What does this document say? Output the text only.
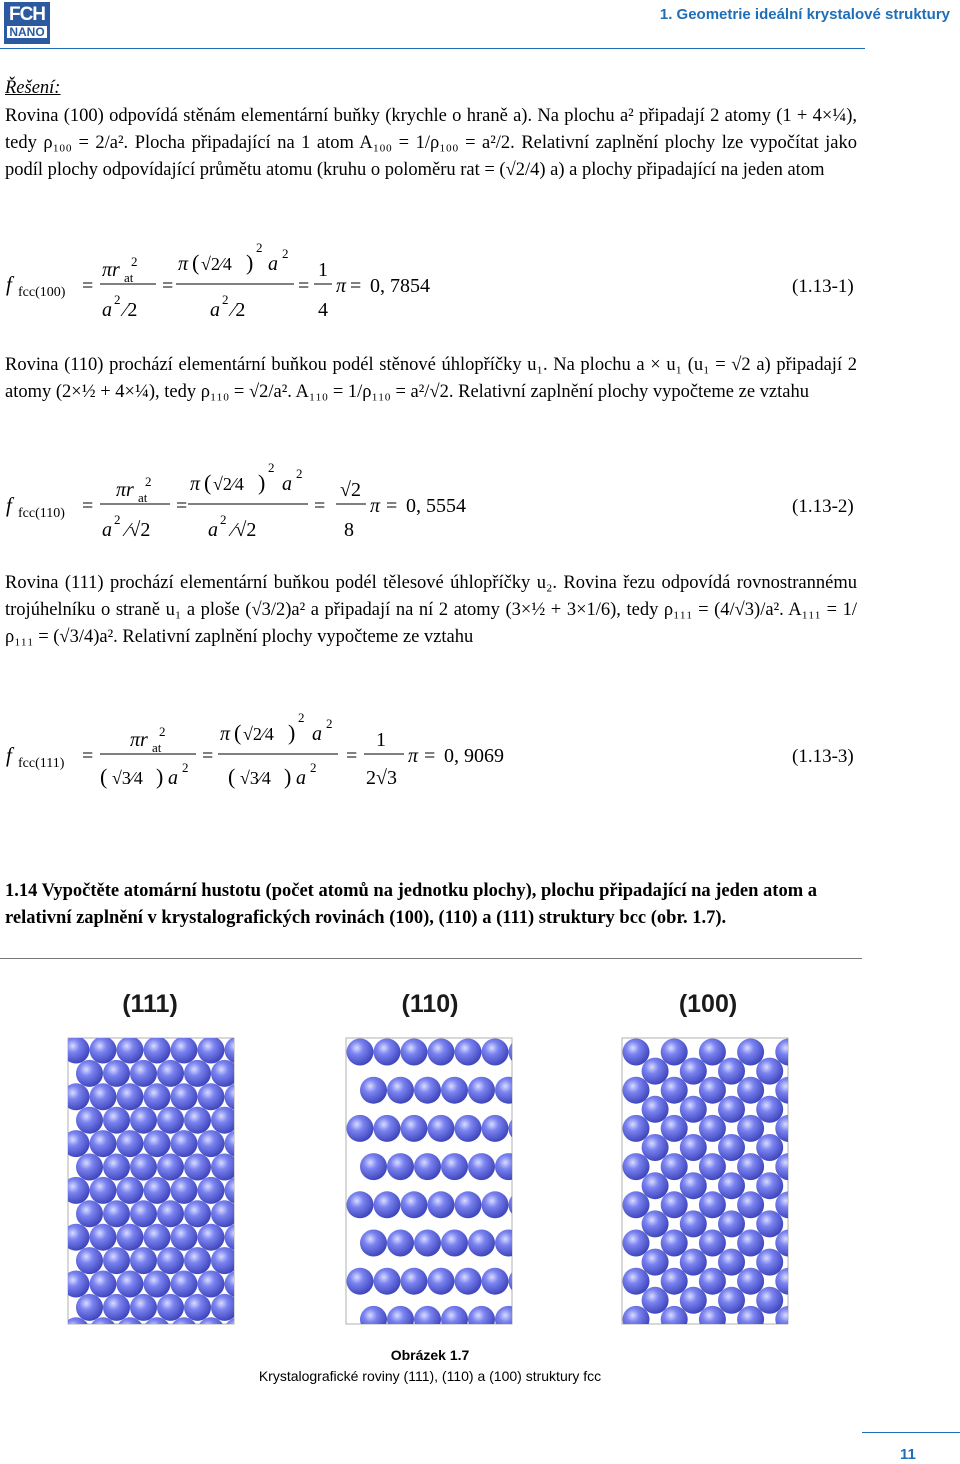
FCH
NANO
1. Geometrie ideální krystalové struktury
Řešení:
Rovina (100) odpovídá stěnám elementární buňky (krychle o hraně a). Na plochu a² připadají 2 atomy (1 + 4×¼), tedy ρ₁₀₀ = 2/a². Plocha připadající na 1 atom A₁₀₀ = 1/ρ₁₀₀ = a²/2. Relativní zaplnění plochy lze vypočítat jako podíl plochy odpovídající průmětu atomu (kruhu o poloměru rat = (√2/4) a) a plochy připadající na jeden atom
f fcc(100) =
πr at
2
a 2 ⁄2
=
π ( √2⁄4 )
2
a 2
a 2 ⁄2
=
1
4
π = 0, 7854	(1.13-1)
Rovina (110) prochází elementární buňkou podél stěnové úhlopříčky u₁. Na plochu a × u₁ (u₁ = √2 a) připadají 2 atomy (2×½ + 4×¼), tedy ρ₁₁₀ = √2/a². A₁₁₀ = 1/ρ₁₁₀ = a²/√2. Relativní zaplnění plochy vypočteme ze vztahu
f fcc(110) =
πr at
2
a 2 ⁄√2
=
π ( √2⁄4 )
2
a 2
a 2 ⁄√2
=
√2
8
π = 0, 5554	(1.13-2)
Rovina (111) prochází elementární buňkou podél tělesové úhlopříčky u₂. Rovina řezu odpovídá rovnostrannému trojúhelníku o straně u₁ a ploše (√3/2)a² a připadají na ní 2 atomy (3×½ + 3×1/6), tedy ρ₁₁₁ = (4/√3)/a². A₁₁₁ = 1/ρ₁₁₁ = (√3/4)a². Relativní zaplnění plochy vypočteme ze vztahu
f fcc(111) =
πr at
2
( √3⁄4 ) a 2
=
π ( √2⁄4 )
2
a 2
( √3⁄4 ) a 2
=
1
2√3
π = 0, 9069	(1.13-3)
1.14 Vypočtěte atomární hustotu (počet atomů na jednotku plochy), plochu připadající na jeden atom a relativní zaplnění v krystalografických rovinách (100), (110) a (111) struktury bcc (obr. 1.7).
(111)	(110)	(100)
Obrázek 1.7
Krystalografické roviny (111), (110) a (100) struktury fcc
11
